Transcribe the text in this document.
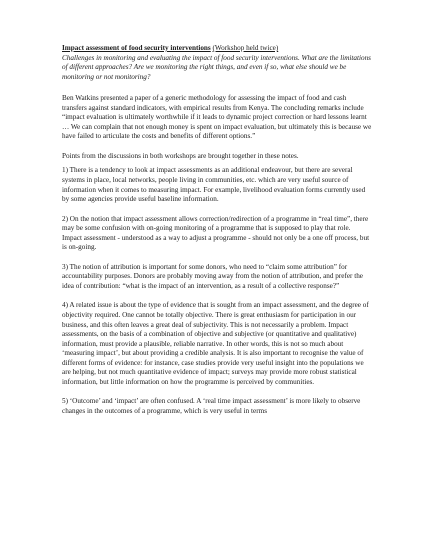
Impact assessment of food security interventions (Workshop held twice)
Challenges in monitoring and evaluating the impact of food security interventions. What are the limitations of different approaches? Are we monitoring the right things, and even if so, what else should we be monitoring or not monitoring?

Ben Watkins presented a paper of a generic methodology for assessing the impact of food and cash transfers against standard indicators, with empirical results from Kenya. The concluding remarks include “impact evaluation is ultimately worthwhile if it leads to dynamic project correction or hard lessons learnt … We can complain that not enough money is spent on impact evaluation, but ultimately this is because we have failed to articulate the costs and benefits of different options.”

Points from the discussions in both workshops are brought together in these notes.

1) There is a tendency to look at impact assessments as an additional endeavour, but there are several systems in place, local networks, people living in communities, etc. which are very useful source of information when it comes to measuring impact. For example, livelihood evaluation forms currently used by some agencies provide useful baseline information.

2) On the notion that impact assessment allows correction/redirection of a programme in “real time”, there may be some confusion with on-going monitoring of a programme that is supposed to play that role. Impact assessment - understood as a way to adjust a programme - should not only be a one off process, but is on-going.

3) The notion of attribution is important for some donors, who need to “claim some attribution” for accountability purposes. Donors are probably moving away from the notion of attribution, and prefer the idea of contribution: “what is the impact of an intervention, as a result of a collective response?”

4) A related issue is about the type of evidence that is sought from an impact assessment, and the degree of objectivity required. One cannot be totally objective. There is great enthusiasm for participation in our business, and this often leaves a great deal of subjectivity. This is not necessarily a problem. Impact assessments, on the basis of a combination of objective and subjective (or quantitative and qualitative) information, must provide a plausible, reliable narrative. In other words, this is not so much about ‘measuring impact’, but about providing a credible analysis. It is also important to recognise the value of different forms of evidence: for instance, case studies provide very useful insight into the populations we are helping, but not much quantitative evidence of impact; surveys may provide more robust statistical information, but little information on how the programme is perceived by communities.

5) ‘Outcome’ and ‘impact’ are often confused. A ‘real time impact assessment’ is more likely to observe changes in the outcomes of a programme, which is very useful in terms
